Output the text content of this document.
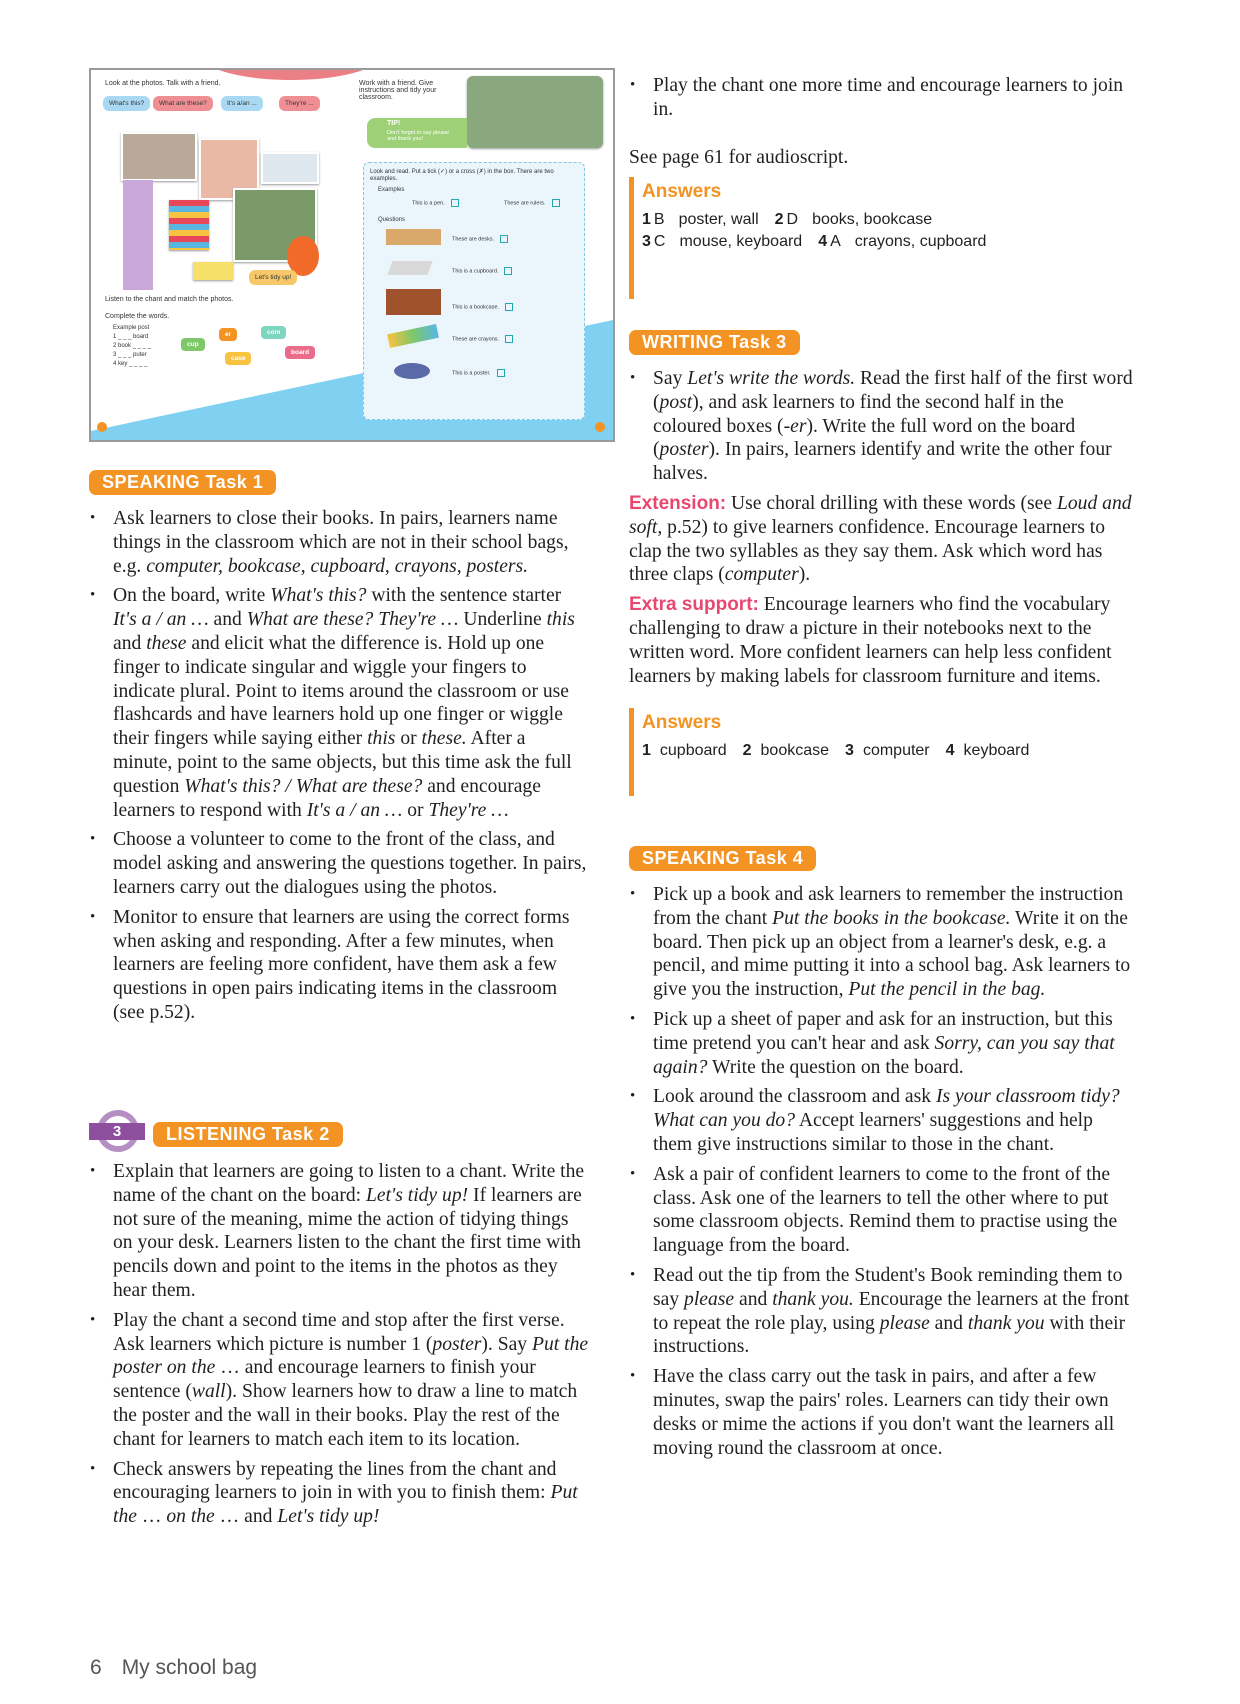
Look at the photos. Talk with a friend.
What's this?	What are these?	It's a/an ...	They're ...
Let's tidy up!
Listen to the chant and match the photos.
Complete the words.
Example post
1 _ _ _ board
2 book _ _ _ _
3 _ _ _ puter
4 key _ _ _ _
cup
er
case
com
board
Work with a friend. Give instructions and tidy your classroom.
TIP!
Don't forget to say please and thank you!
Look and read. Put a tick (✓) or a cross (✗) in the box. There are two examples.
Examples
This is a pen.	These are rulers.
Questions
These are desks.
This is a cupboard.
This is a bookcase.
These are crayons.
This is a poster.
SPEAKING Task 1
• Ask learners to close their books. In pairs, learners name things in the classroom which are not in their school bags, e.g. computer, bookcase, cupboard, crayons, posters.
• On the board, write What's this? with the sentence starter It's a / an … and What are these? They're … Underline this and these and elicit what the difference is. Hold up one finger to indicate singular and wiggle your fingers to indicate plural. Point to items around the classroom or use flashcards and have learners hold up one finger or wiggle their fingers while saying either this or these. After a minute, point to the same objects, but this time ask the full question What's this? / What are these? and encourage learners to respond with It's a / an … or They're …
• Choose a volunteer to come to the front of the class, and model asking and answering the questions together. In pairs, learners carry out the dialogues using the photos.
• Monitor to ensure that learners are using the correct forms when asking and responding. After a few minutes, when learners are feeling more confident, have them ask a few questions in open pairs indicating items in the classroom (see p.52).
3	LISTENING Task 2
• Explain that learners are going to listen to a chant. Write the name of the chant on the board: Let's tidy up! If learners are not sure of the meaning, mime the action of tidying things on your desk. Learners listen to the chant the first time with pencils down and point to the items in the photos as they hear them.
• Play the chant a second time and stop after the first verse. Ask learners which picture is number 1 (poster). Say Put the poster on the … and encourage learners to finish your sentence (wall). Show learners how to draw a line to match the poster and the wall in their books. Play the rest of the chant for learners to match each item to its location.
• Check answers by repeating the lines from the chant and encouraging learners to join in with you to finish them: Put the … on the … and Let's tidy up!
• Play the chant one more time and encourage learners to join in.
See page 61 for audioscript.
Answers
1 B poster, wall 2 D books, bookcase
3 C mouse, keyboard 4 A crayons, cupboard
WRITING Task 3
• Say Let's write the words. Read the first half of the first word (post), and ask learners to find the second half in the coloured boxes (-er). Write the full word on the board (poster). In pairs, learners identify and write the other four halves.
Extension: Use choral drilling with these words (see Loud and soft, p.52) to give learners confidence. Encourage learners to clap the two syllables as they say them. Ask which word has three claps (computer).
Extra support: Encourage learners who find the vocabulary challenging to draw a picture in their notebooks next to the written word. More confident learners can help less confident learners by making labels for classroom furniture and items.
Answers
1 cupboard 2 bookcase 3 computer 4 keyboard
SPEAKING Task 4
• Pick up a book and ask learners to remember the instruction from the chant Put the books in the bookcase. Write it on the board. Then pick up an object from a learner's desk, e.g. a pencil, and mime putting it into a school bag. Ask learners to give you the instruction, Put the pencil in the bag.
• Pick up a sheet of paper and ask for an instruction, but this time pretend you can't hear and ask Sorry, can you say that again? Write the question on the board.
• Look around the classroom and ask Is your classroom tidy? What can you do? Accept learners' suggestions and help them give instructions similar to those in the chant.
• Ask a pair of confident learners to come to the front of the class. Ask one of the learners to tell the other where to put some classroom objects. Remind them to practise using the language from the board.
• Read out the tip from the Student's Book reminding them to say please and thank you. Encourage the learners at the front to repeat the role play, using please and thank you with their instructions.
• Have the class carry out the task in pairs, and after a few minutes, swap the pairs' roles. Learners can tidy their own desks or mime the actions if you don't want the learners all moving round the classroom at once.
6 My school bag
